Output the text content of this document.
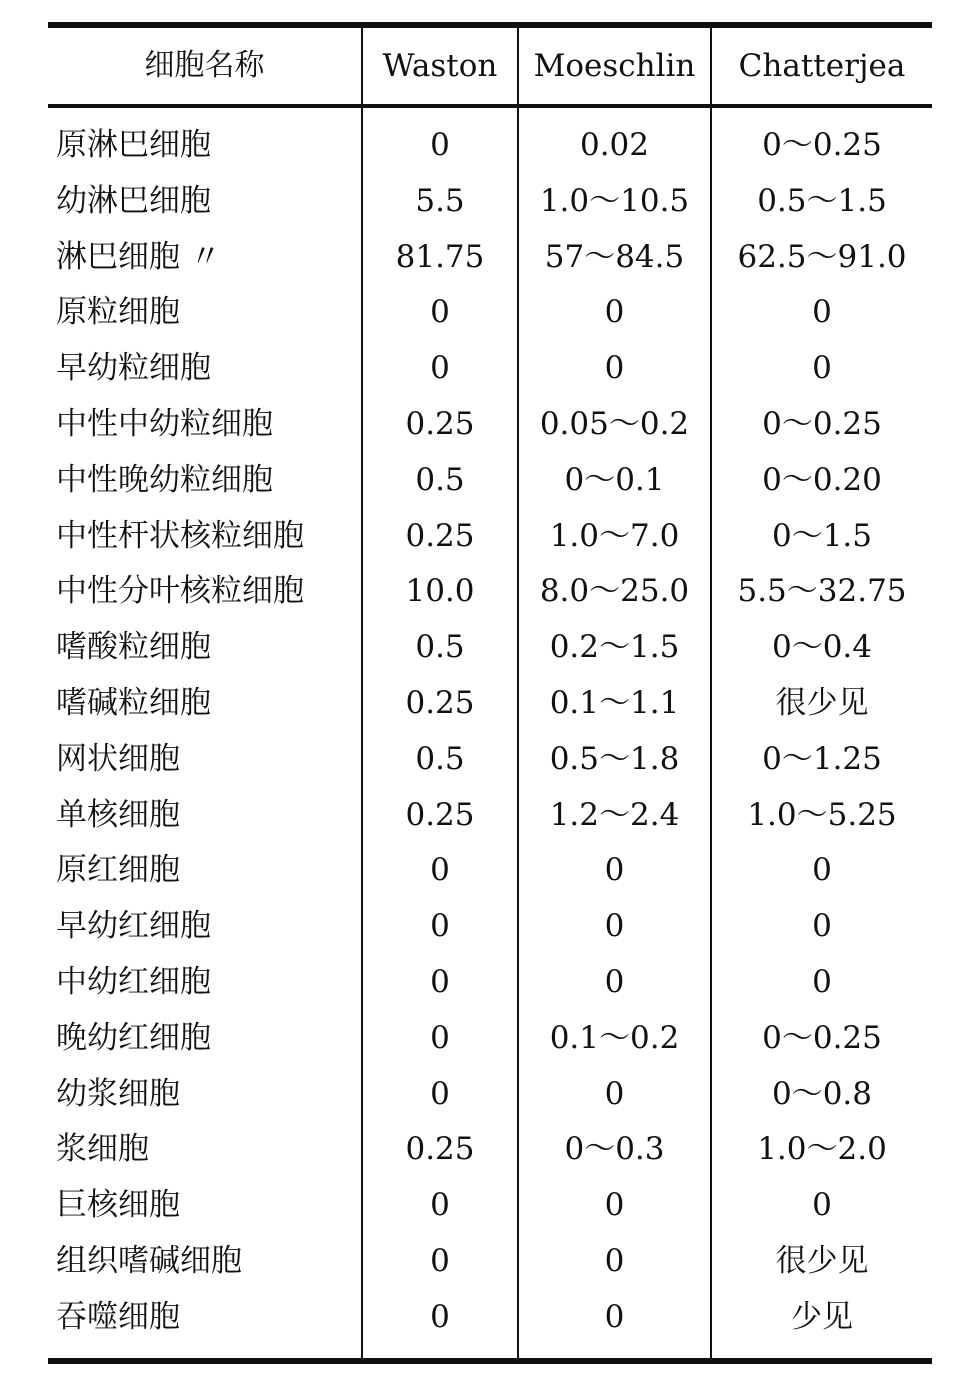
细胞名称	Waston	Moeschlin	Chatterjea
原淋巴细胞	0	0.02	0～0.25
幼淋巴细胞	5.5	1.0～10.5	0.5～1.5
淋巴细胞 〃	81.75	57～84.5	62.5～91.0
原粒细胞	0	0	0
早幼粒细胞	0	0	0
中性中幼粒细胞	0.25	0.05～0.2	0～0.25
中性晚幼粒细胞	0.5	0～0.1	0～0.20
中性杆状核粒细胞	0.25	1.0～7.0	0～1.5
中性分叶核粒细胞	10.0	8.0～25.0	5.5～32.75
嗜酸粒细胞	0.5	0.2～1.5	0～0.4
嗜碱粒细胞	0.25	0.1～1.1	很少见
网状细胞	0.5	0.5～1.8	0～1.25
单核细胞	0.25	1.2～2.4	1.0～5.25
原红细胞	0	0	0
早幼红细胞	0	0	0
中幼红细胞	0	0	0
晚幼红细胞	0	0.1～0.2	0～0.25
幼浆细胞	0	0	0～0.8
浆细胞	0.25	0～0.3	1.0～2.0
巨核细胞	0	0	0
组织嗜碱细胞	0	0	很少见
吞噬细胞	0	0	少见
